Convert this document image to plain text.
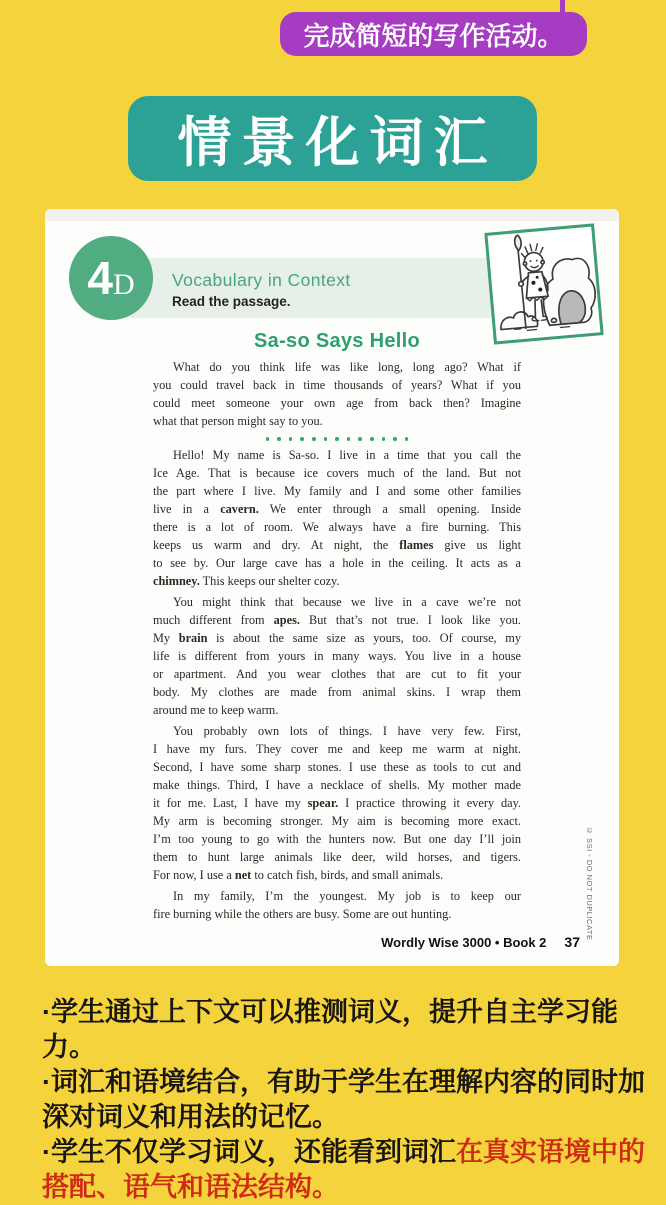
完成简短的写作活动。
情景化词汇
4 D Vocabulary in Context
Read the passage.
Sa-so Says Hello
What do you think life was like long, long ago? What if
you could travel back in time thousands of years? What if you
could meet someone your own age from back then? Imagine
what that person might say to you.
Hello! My name is Sa-so. I live in a time that you call the
Ice Age. That is because ice covers much of the land. But not
the part where I live. My family and I and some other families
live in a cavern. We enter through a small opening. Inside
there is a lot of room. We always have a fire burning. This
keeps us warm and dry. At night, the flames give us light
to see by. Our large cave has a hole in the ceiling. It acts as a
chimney. This keeps our shelter cozy.
You might think that because we live in a cave we’re not
much different from apes. But that’s not true. I look like you.
My brain is about the same size as yours, too. Of course, my
life is different from yours in many ways. You live in a house
or apartment. And you wear clothes that are cut to fit your
body. My clothes are made from animal skins. I wrap them
around me to keep warm.
You probably own lots of things. I have very few. First,
I have my furs. They cover me and keep me warm at night.
Second, I have some sharp stones. I use these as tools to cut and
make things. Third, I have a necklace of shells. My mother made
it for me. Last, I have my spear. I practice throwing it every day.
My arm is becoming stronger. My aim is becoming more exact.
I’m too young to go with the hunters now. But one day I’ll join
them to hunt large animals like deer, wild horses, and tigers.
For now, I use a net to catch fish, birds, and small animals.
In my family, I’m the youngest. My job is to keep our
fire burning while the others are busy. Some are out hunting.
Wordly Wise 3000 • Book 2 37
© SSI - DO NOT DUPLICATE
·学生通过上下文可以推测词义，提升自主学习能
力。
·词汇和语境结合，有助于学生在理解内容的同时加
深对词义和用法的记忆。
·学生不仅学习词义，还能看到词汇在真实语境中的
搭配、语气和语法结构。
